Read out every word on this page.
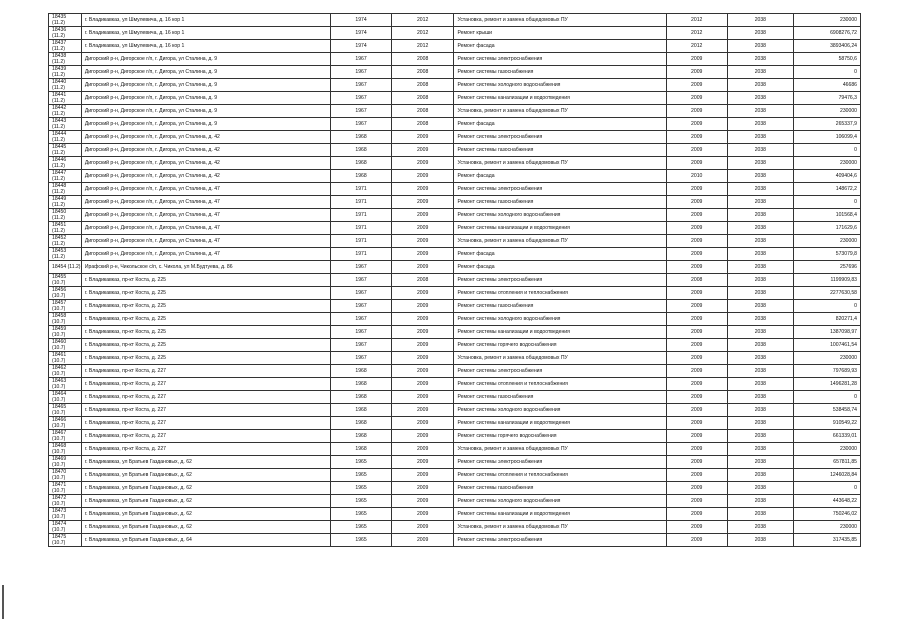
18435
(11.2)	г. Владикавказ, ул Шмулевича, д. 16 кор 1	1974	2012	Установка, ремонт и замена общедомовых ПУ	2012	2038	230000
18436
(11.2)	г. Владикавказ, ул Шмулевича, д. 16 кор 1	1974	2012	Ремонт крыши	2012	2038	6908276,72
18437
(11.2)	г. Владикавказ, ул Шмулевича, д. 16 кор 1	1974	2012	Ремонт фасада	2012	2038	3893406,24
18438
(11.2)	Дигорский р-н, Дигорское г/п, г. Дигора, ул Сталина, д. 9	1967	2008	Ремонт системы электроснабжения	2009	2038	58750,6
18439
(11.2)	Дигорский р-н, Дигорское г/п, г. Дигора, ул Сталина, д. 9	1967	2008	Ремонт системы газоснабжения	2009	2038	0
18440
(11.2)	Дигорский р-н, Дигорское г/п, г. Дигора, ул Сталина, д. 9	1967	2008	Ремонт системы холодного водоснабжения	2009	2038	46686
18441
(11.2)	Дигорский р-н, Дигорское г/п, г. Дигора, ул Сталина, д. 9	1967	2008	Ремонт системы канализации и водоотведения	2009	2038	79476,3
18442
(11.2)	Дигорский р-н, Дигорское г/п, г. Дигора, ул Сталина, д. 9	1967	2008	Установка, ремонт и замена общедомовых ПУ	2009	2038	230000
18443
(11.2)	Дигорский р-н, Дигорское г/п, г. Дигора, ул Сталина, д. 9	1967	2008	Ремонт фасада	2009	2038	265337,9
18444
(11.2)	Дигорский р-н, Дигорское г/п, г. Дигора, ул Сталина, д. 42	1968	2009	Ремонт системы электроснабжения	2009	2038	106099,4
18445
(11.2)	Дигорский р-н, Дигорское г/п, г. Дигора, ул Сталина, д. 42	1968	2009	Ремонт системы газоснабжения	2009	2038	0
18446
(11.2)	Дигорский р-н, Дигорское г/п, г. Дигора, ул Сталина, д. 42	1968	2009	Установка, ремонт и замена общедомовых ПУ	2009	2038	230000
18447
(11.2)	Дигорский р-н, Дигорское г/п, г. Дигора, ул Сталина, д. 42	1968	2009	Ремонт фасада	2010	2038	409404,6
18448
(11.2)	Дигорский р-н, Дигорское г/п, г. Дигора, ул Сталина, д. 47	1971	2009	Ремонт системы электроснабжения	2009	2038	148672,2
18449
(11.2)	Дигорский р-н, Дигорское г/п, г. Дигора, ул Сталина, д. 47	1971	2009	Ремонт системы газоснабжения	2009	2038	0
18450
(11.2)	Дигорский р-н, Дигорское г/п, г. Дигора, ул Сталина, д. 47	1971	2009	Ремонт системы холодного водоснабжения	2009	2038	101568,4
18451
(11.2)	Дигорский р-н, Дигорское г/п, г. Дигора, ул Сталина, д. 47	1971	2009	Ремонт системы канализации и водоотведения	2009	2038	171629,6
18452
(11.2)	Дигорский р-н, Дигорское г/п, г. Дигора, ул Сталина, д. 47	1971	2009	Установка, ремонт и замена общедомовых ПУ	2009	2038	230000
18453
(11.2)	Дигорский р-н, Дигорское г/п, г. Дигора, ул Сталина, д. 47	1971	2009	Ремонт фасада	2009	2038	573079,8
18454 (11.2)	Ирафский р-н, Чикольское с/п, с. Чикола, ул М.Будтуева, д. 86	1967	2009	Ремонт фасада	2009	2038	257696
18455
(10.7)	г. Владикавказ, пр-кт Коста, д. 225	1967	2008	Ремонт системы электроснабжения	2008	2038	1199909,83
18456
(10.7)	г. Владикавказ, пр-кт Коста, д. 225	1967	2009	Ремонт системы отопления и теплоснабжения	2009	2038	2277630,58
18457
(10.7)	г. Владикавказ, пр-кт Коста, д. 225	1967	2009	Ремонт системы газоснабжения	2009	2038	0
18458
(10.7)	г. Владикавказ, пр-кт Коста, д. 225	1967	2009	Ремонт системы холодного водоснабжения	2009	2038	820271,4
18459
(10.7)	г. Владикавказ, пр-кт Коста, д. 225	1967	2009	Ремонт системы канализации и водоотведения	2009	2038	1387098,97
18460
(10.7)	г. Владикавказ, пр-кт Коста, д. 225	1967	2009	Ремонт системы горячего водоснабжения	2009	2038	1007461,54
18461
(10.7)	г. Владикавказ, пр-кт Коста, д. 225	1967	2009	Установка, ремонт и замена общедомовых ПУ	2009	2038	230000
18462
(10.7)	г. Владикавказ, пр-кт Коста, д. 227	1968	2009	Ремонт системы электроснабжения	2009	2038	797689,93
18463
(10.7)	г. Владикавказ, пр-кт Коста, д. 227	1968	2009	Ремонт системы отопления и теплоснабжения	2009	2038	1496281,28
18464
(10.7)	г. Владикавказ, пр-кт Коста, д. 227	1968	2009	Ремонт системы газоснабжения	2009	2038	0
18465
(10.7)	г. Владикавказ, пр-кт Коста, д. 227	1968	2009	Ремонт системы холодного водоснабжения	2009	2038	538458,74
18466
(10.7)	г. Владикавказ, пр-кт Коста, д. 227	1968	2009	Ремонт системы канализации и водоотведения	2009	2038	910549,22
18467
(10.7)	г. Владикавказ, пр-кт Коста, д. 227	1968	2009	Ремонт системы горячего водоснабжения	2009	2038	661339,01
18468
(10.7)	г. Владикавказ, пр-кт Коста, д. 227	1968	2009	Установка, ремонт и замена общедомовых ПУ	2009	2038	230000
18469
(10.7)	г. Владикавказ, ул Братьев Газдановых, д. 62	1965	2009	Ремонт системы электроснабжения	2009	2038	657811,85
18470
(10.7)	г. Владикавказ, ул Братьев Газдановых, д. 62	1965	2009	Ремонт системы отопления и теплоснабжения	2009	2038	1246028,84
18471
(10.7)	г. Владикавказ, ул Братьев Газдановых, д. 62	1965	2009	Ремонт системы газоснабжения	2009	2038	0
18472
(10.7)	г. Владикавказ, ул Братьев Газдановых, д. 62	1965	2009	Ремонт системы холодного водоснабжения	2009	2038	443648,22
18473
(10.7)	г. Владикавказ, ул Братьев Газдановых, д. 62	1965	2009	Ремонт системы канализации и водоотведения	2009	2038	750246,02
18474
(10.7)	г. Владикавказ, ул Братьев Газдановых, д. 62	1965	2009	Установка, ремонт и замена общедомовых ПУ	2009	2038	230000
18475
(10.7)	г. Владикавказ, ул Братьев Газдановых, д. 64	1965	2009	Ремонт системы электроснабжения	2009	2038	317435,85
